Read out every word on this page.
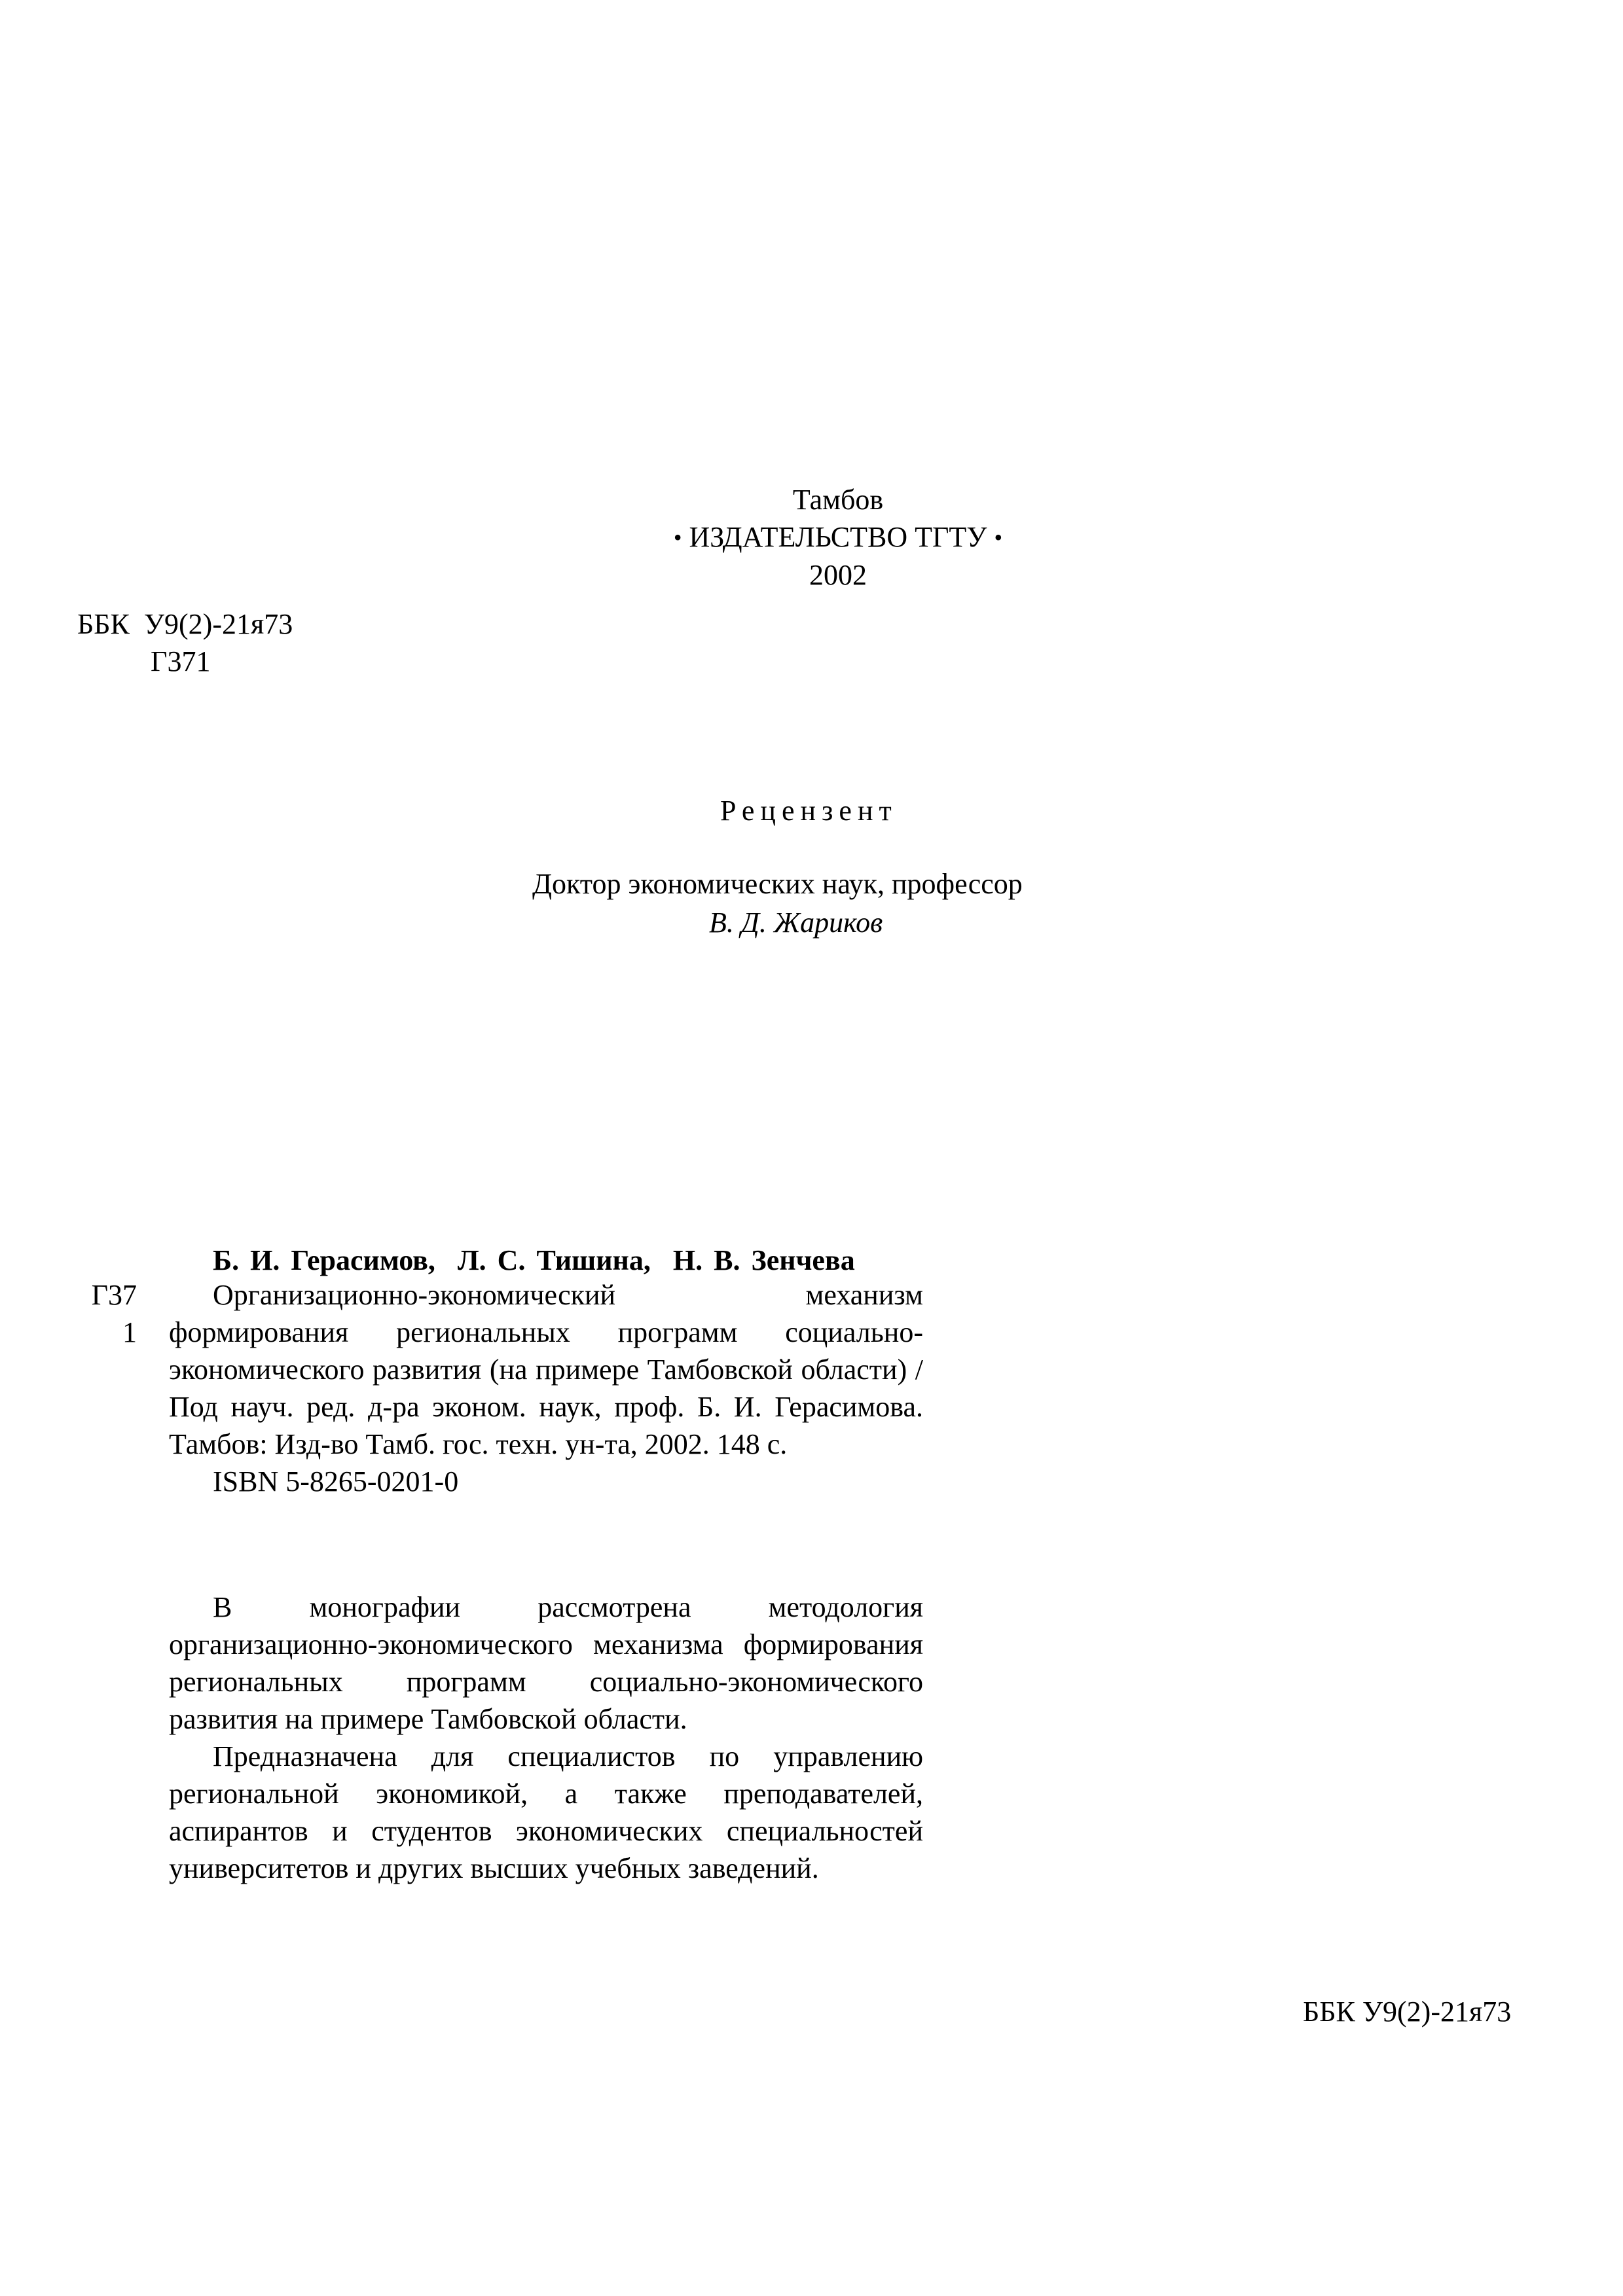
Тамбов
• ИЗДАТЕЛЬСТВО ТГТУ •
2002
ББК  У9(2)-21я73
Г371
Рецензент
Доктор экономических наук, профессор
В. Д. Жариков
Б. И. Герасимов,  Л. С. Тишина,  Н. В. Зенчева
Г37
1
Организационно-экономический механизм формирования региональных программ социально-экономического развития (на примере Тамбовской области) / Под науч. ред. д-ра эконом. наук, проф. Б. И. Герасимова. Тамбов: Изд-во Тамб. гос. техн. ун-та, 2002. 148 с.
ISBN 5-8265-0201-0

В монографии рассмотрена методология организационно-экономического механизма формирования региональных программ социально-экономического развития на примере Тамбовской области.

Предназначена для специалистов по управлению региональной экономикой, а также преподавателей, аспирантов и студентов экономических специальностей университетов и других высших учебных заведений.

ББК У9(2)-21я73
